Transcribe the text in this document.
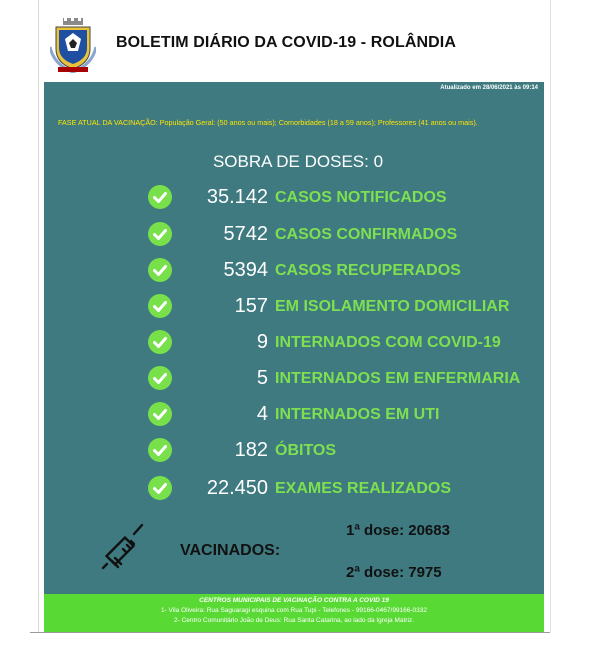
BOLETIM DIÁRIO DA COVID-19 - ROLÂNDIA
Atualizado em 28/06/2021 às 09:14
FASE ATUAL DA VACINAÇÃO: População Geral: (50 anos ou mais); Comorbidades (18 a 59 anos); Professores (41 anos ou mais).
SOBRA DE DOSES: 0
35.142 CASOS NOTIFICADOS
5742 CASOS CONFIRMADOS
5394 CASOS RECUPERADOS
157 EM ISOLAMENTO DOMICILIAR
9 INTERNADOS COM COVID-19
5 INTERNADOS EM ENFERMARIA
4 INTERNADOS EM UTI
182 ÓBITOS
22.450 EXAMES REALIZADOS
VACINADOS:
1ª dose: 20683
2ª dose: 7975
CENTROS MUNICIPAIS DE VACINAÇÃO CONTRA A COVID 19
1- Vila Oliveira: Rua Saguaragi esquina com Rua Tupi - Telefones - 99166-0467/99166-0332
2- Centro Comunitário João de Deus: Rua Santa Catarina, ao lado da Igreja Matriz.
